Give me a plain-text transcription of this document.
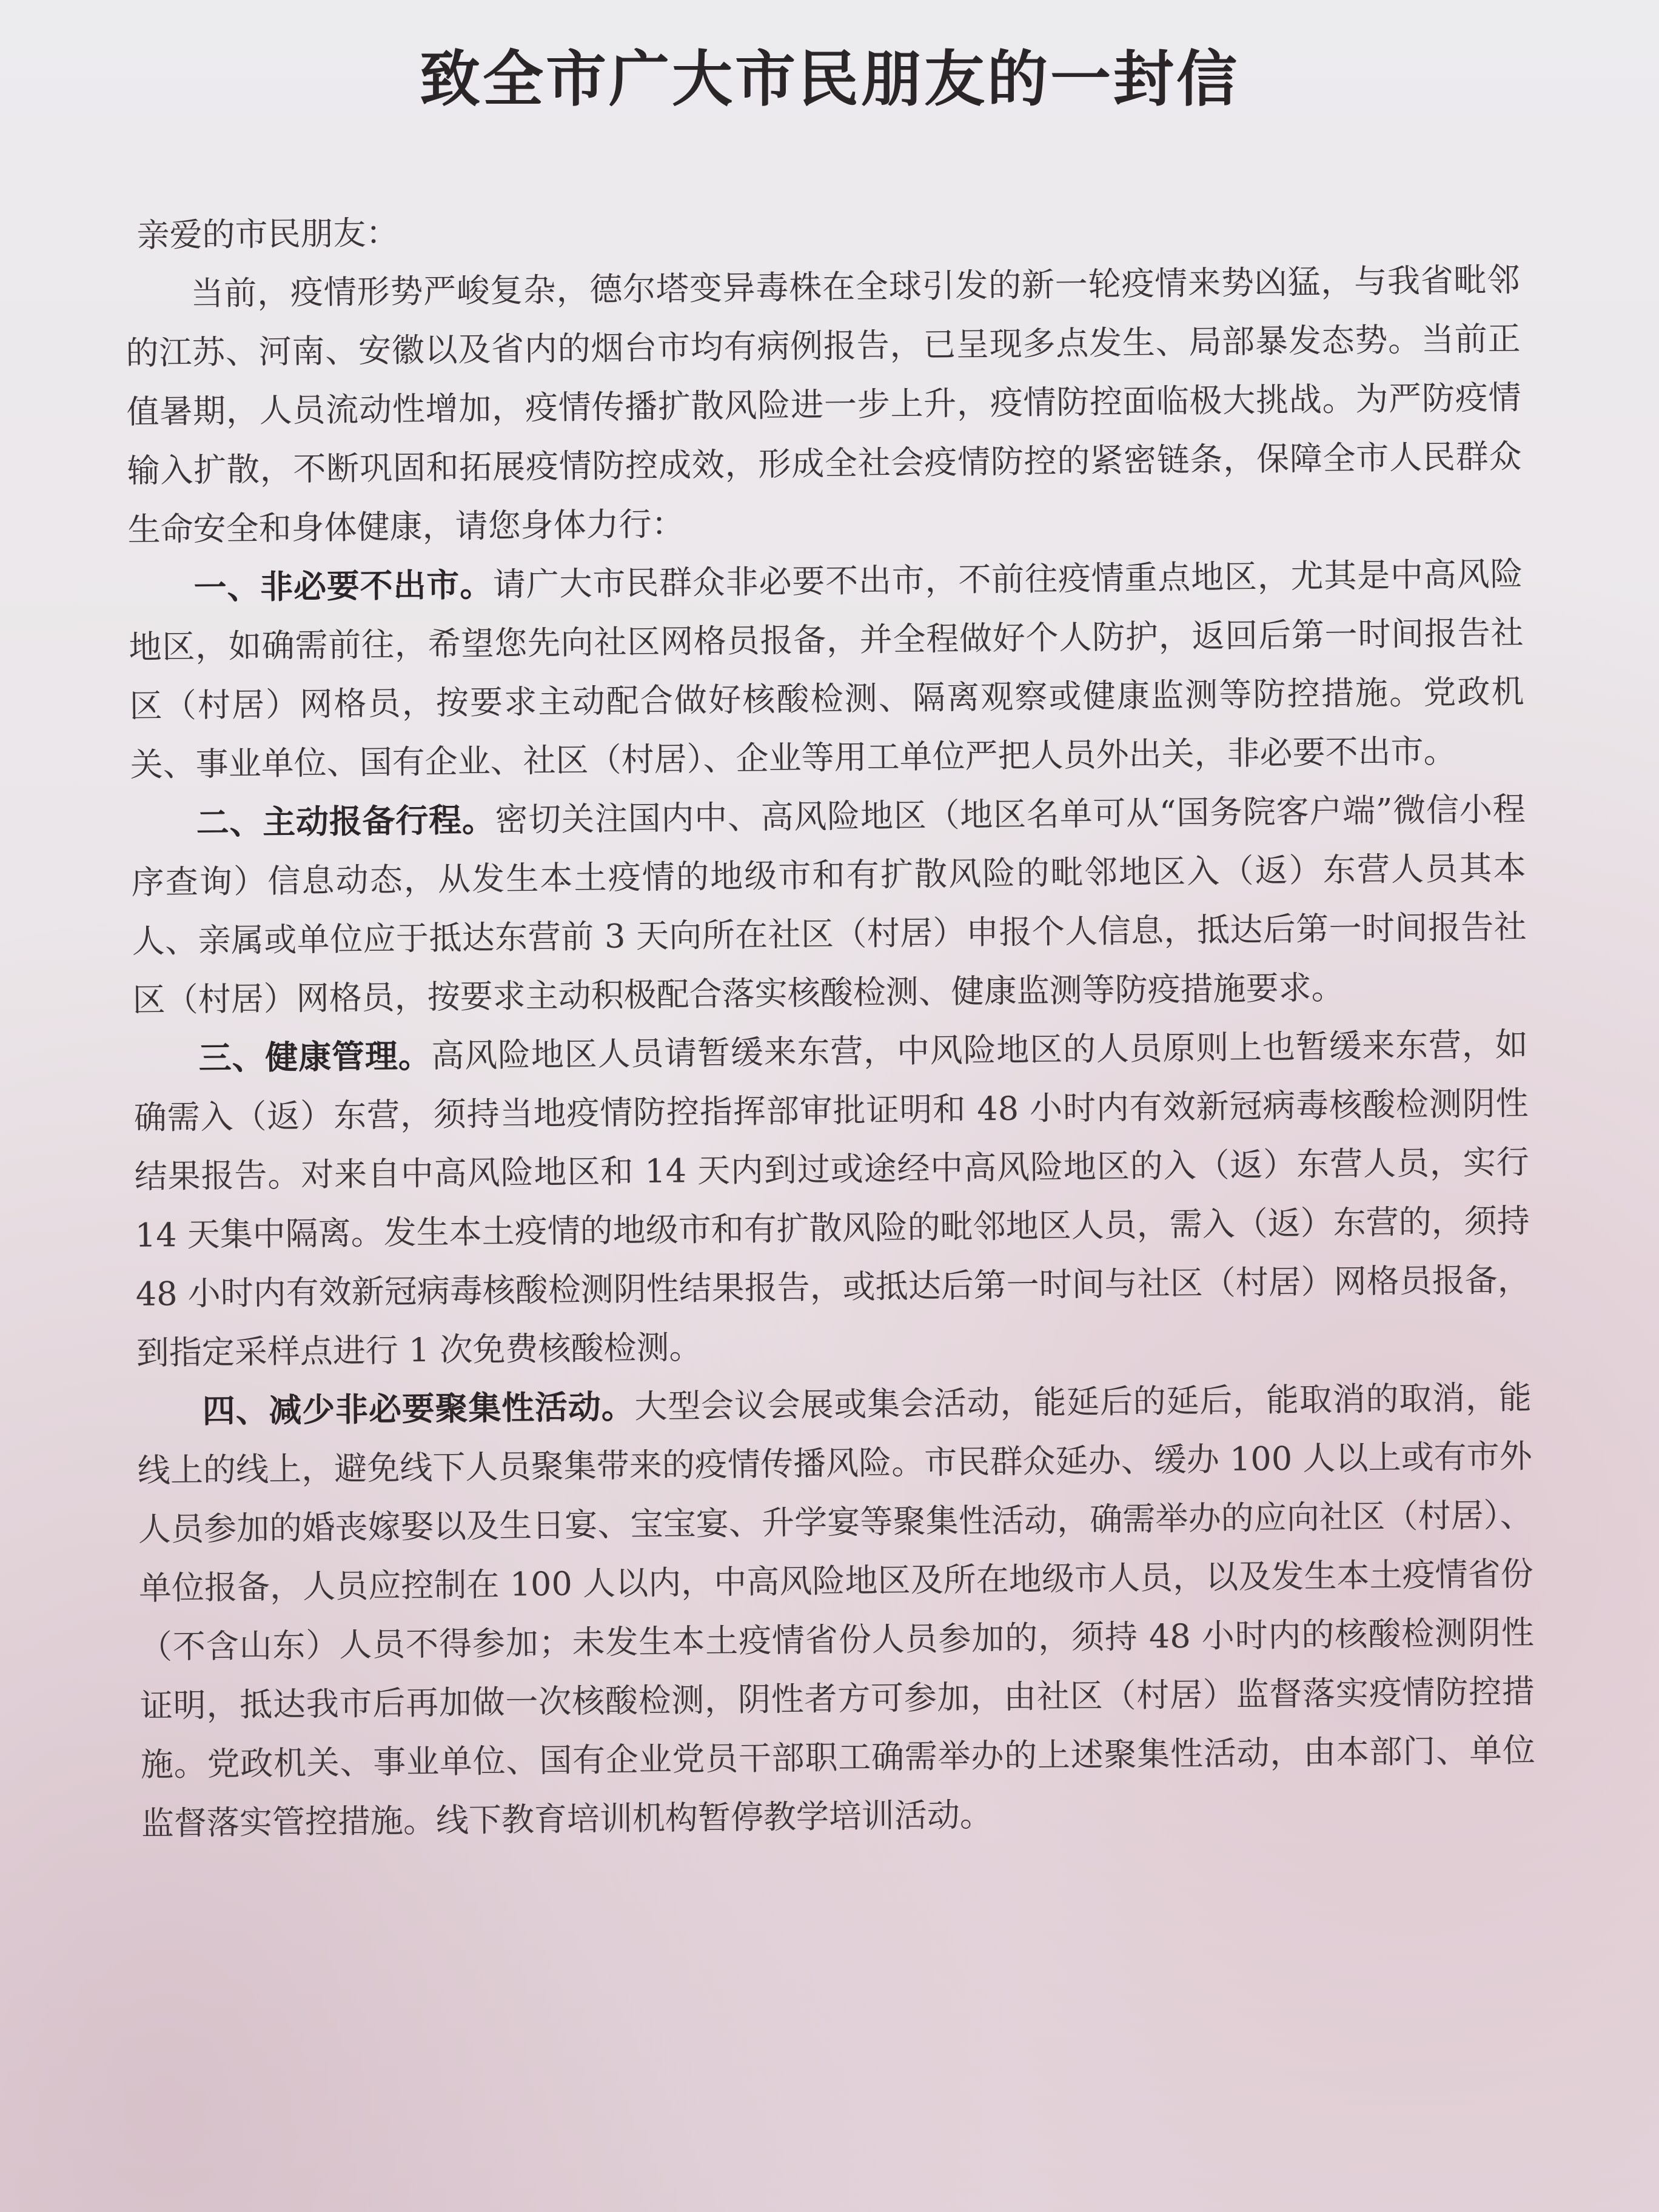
致全市广大市民朋友的一封信

亲爱的市民朋友：

当前，疫情形势严峻复杂，德尔塔变异毒株在全球引发的新一轮疫情来势凶猛，与我省毗邻的江苏、河南、安徽以及省内的烟台市均有病例报告，已呈现多点发生、局部暴发态势。当前正值暑期，人员流动性增加，疫情传播扩散风险进一步上升，疫情防控面临极大挑战。为严防疫情输入扩散，不断巩固和拓展疫情防控成效，形成全社会疫情防控的紧密链条，保障全市人民群众生命安全和身体健康，请您身体力行：

一、非必要不出市。请广大市民群众非必要不出市，不前往疫情重点地区，尤其是中高风险地区，如确需前往，希望您先向社区网格员报备，并全程做好个人防护，返回后第一时间报告社区（村居）网格员，按要求主动配合做好核酸检测、隔离观察或健康监测等防控措施。党政机关、事业单位、国有企业、社区（村居）、企业等用工单位严把人员外出关，非必要不出市。

二、主动报备行程。密切关注国内中、高风险地区（地区名单可从“国务院客户端”微信小程序查询）信息动态，从发生本土疫情的地级市和有扩散风险的毗邻地区入（返）东营人员其本人、亲属或单位应于抵达东营前 3 天向所在社区（村居）申报个人信息，抵达后第一时间报告社区（村居）网格员，按要求主动积极配合落实核酸检测、健康监测等防疫措施要求。

三、健康管理。高风险地区人员请暂缓来东营，中风险地区的人员原则上也暂缓来东营，如确需入（返）东营，须持当地疫情防控指挥部审批证明和 48 小时内有效新冠病毒核酸检测阴性结果报告。对来自中高风险地区和 14 天内到过或途经中高风险地区的入（返）东营人员，实行 14 天集中隔离。发生本土疫情的地级市和有扩散风险的毗邻地区人员，需入（返）东营的，须持 48 小时内有效新冠病毒核酸检测阴性结果报告，或抵达后第一时间与社区（村居）网格员报备，到指定采样点进行 1 次免费核酸检测。

四、减少非必要聚集性活动。大型会议会展或集会活动，能延后的延后，能取消的取消，能线上的线上，避免线下人员聚集带来的疫情传播风险。市民群众延办、缓办 100 人以上或有市外人员参加的婚丧嫁娶以及生日宴、宝宝宴、升学宴等聚集性活动，确需举办的应向社区（村居）、单位报备，人员应控制在 100 人以内，中高风险地区及所在地级市人员，以及发生本土疫情省份（不含山东）人员不得参加；未发生本土疫情省份人员参加的，须持 48 小时内的核酸检测阴性证明，抵达我市后再加做一次核酸检测，阴性者方可参加，由社区（村居）监督落实疫情防控措施。党政机关、事业单位、国有企业党员干部职工确需举办的上述聚集性活动，由本部门、单位监督落实管控措施。线下教育培训机构暂停教学培训活动。
